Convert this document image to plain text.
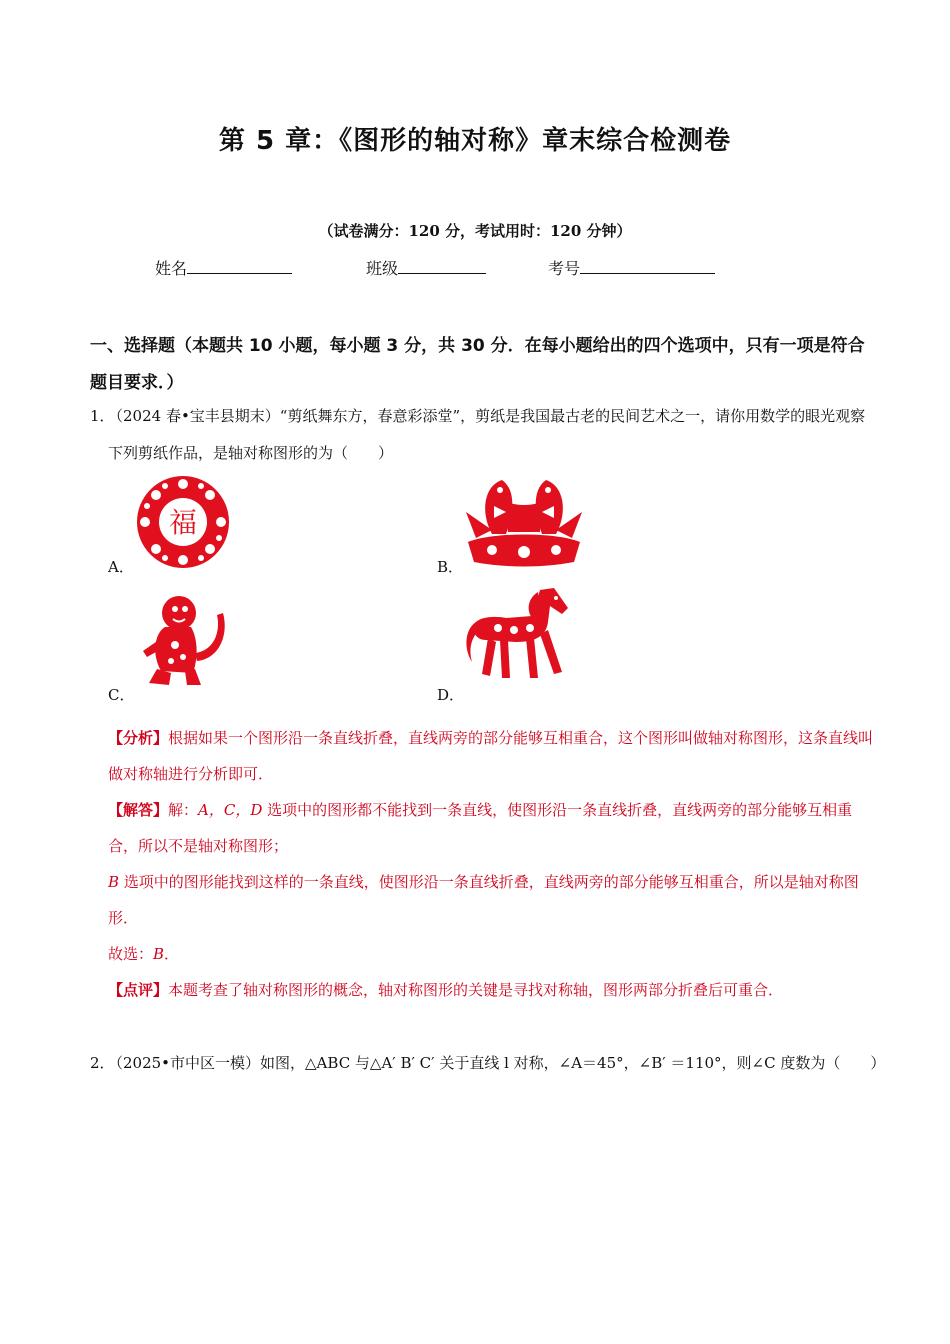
第 5 章：《图形的轴对称》章末综合检测卷
（试卷满分：120 分，考试用时：120 分钟）
姓名	班级	考号
一、选择题（本题共 10 小题，每小题 3 分，共 30 分．在每小题给出的四个选项中，只有一项是符合题目要求．）
1．
（2024 春•宝丰县期末）“剪纸舞东方，春意彩添堂”，剪纸是我国最古老的民间艺术之一，请你用数学的眼光观察下列剪纸作品，是轴对称图形的为（　　）
福
A．	B．
C．	D．
【分析】根据如果一个图形沿一条直线折叠，直线两旁的部分能够互相重合，这个图形叫做轴对称图形，这条直线叫做对称轴进行分析即可．
【解答】解：A，C，D 选项中的图形都不能找到一条直线，使图形沿一条直线折叠，直线两旁的部分能够互相重合，所以不是轴对称图形；
B 选项中的图形能找到这样的一条直线，使图形沿一条直线折叠，直线两旁的部分能够互相重合，所以是轴对称图形．
故选：B．
【点评】本题考查了轴对称图形的概念，轴对称图形的关键是寻找对称轴，图形两部分折叠后可重合．
2．
（2025•市中区一模）如图，△ABC 与△A′ B′ C′ 关于直线 l 对称，∠A＝45°，∠B′ ＝110°，则∠C 度数为（　　）
